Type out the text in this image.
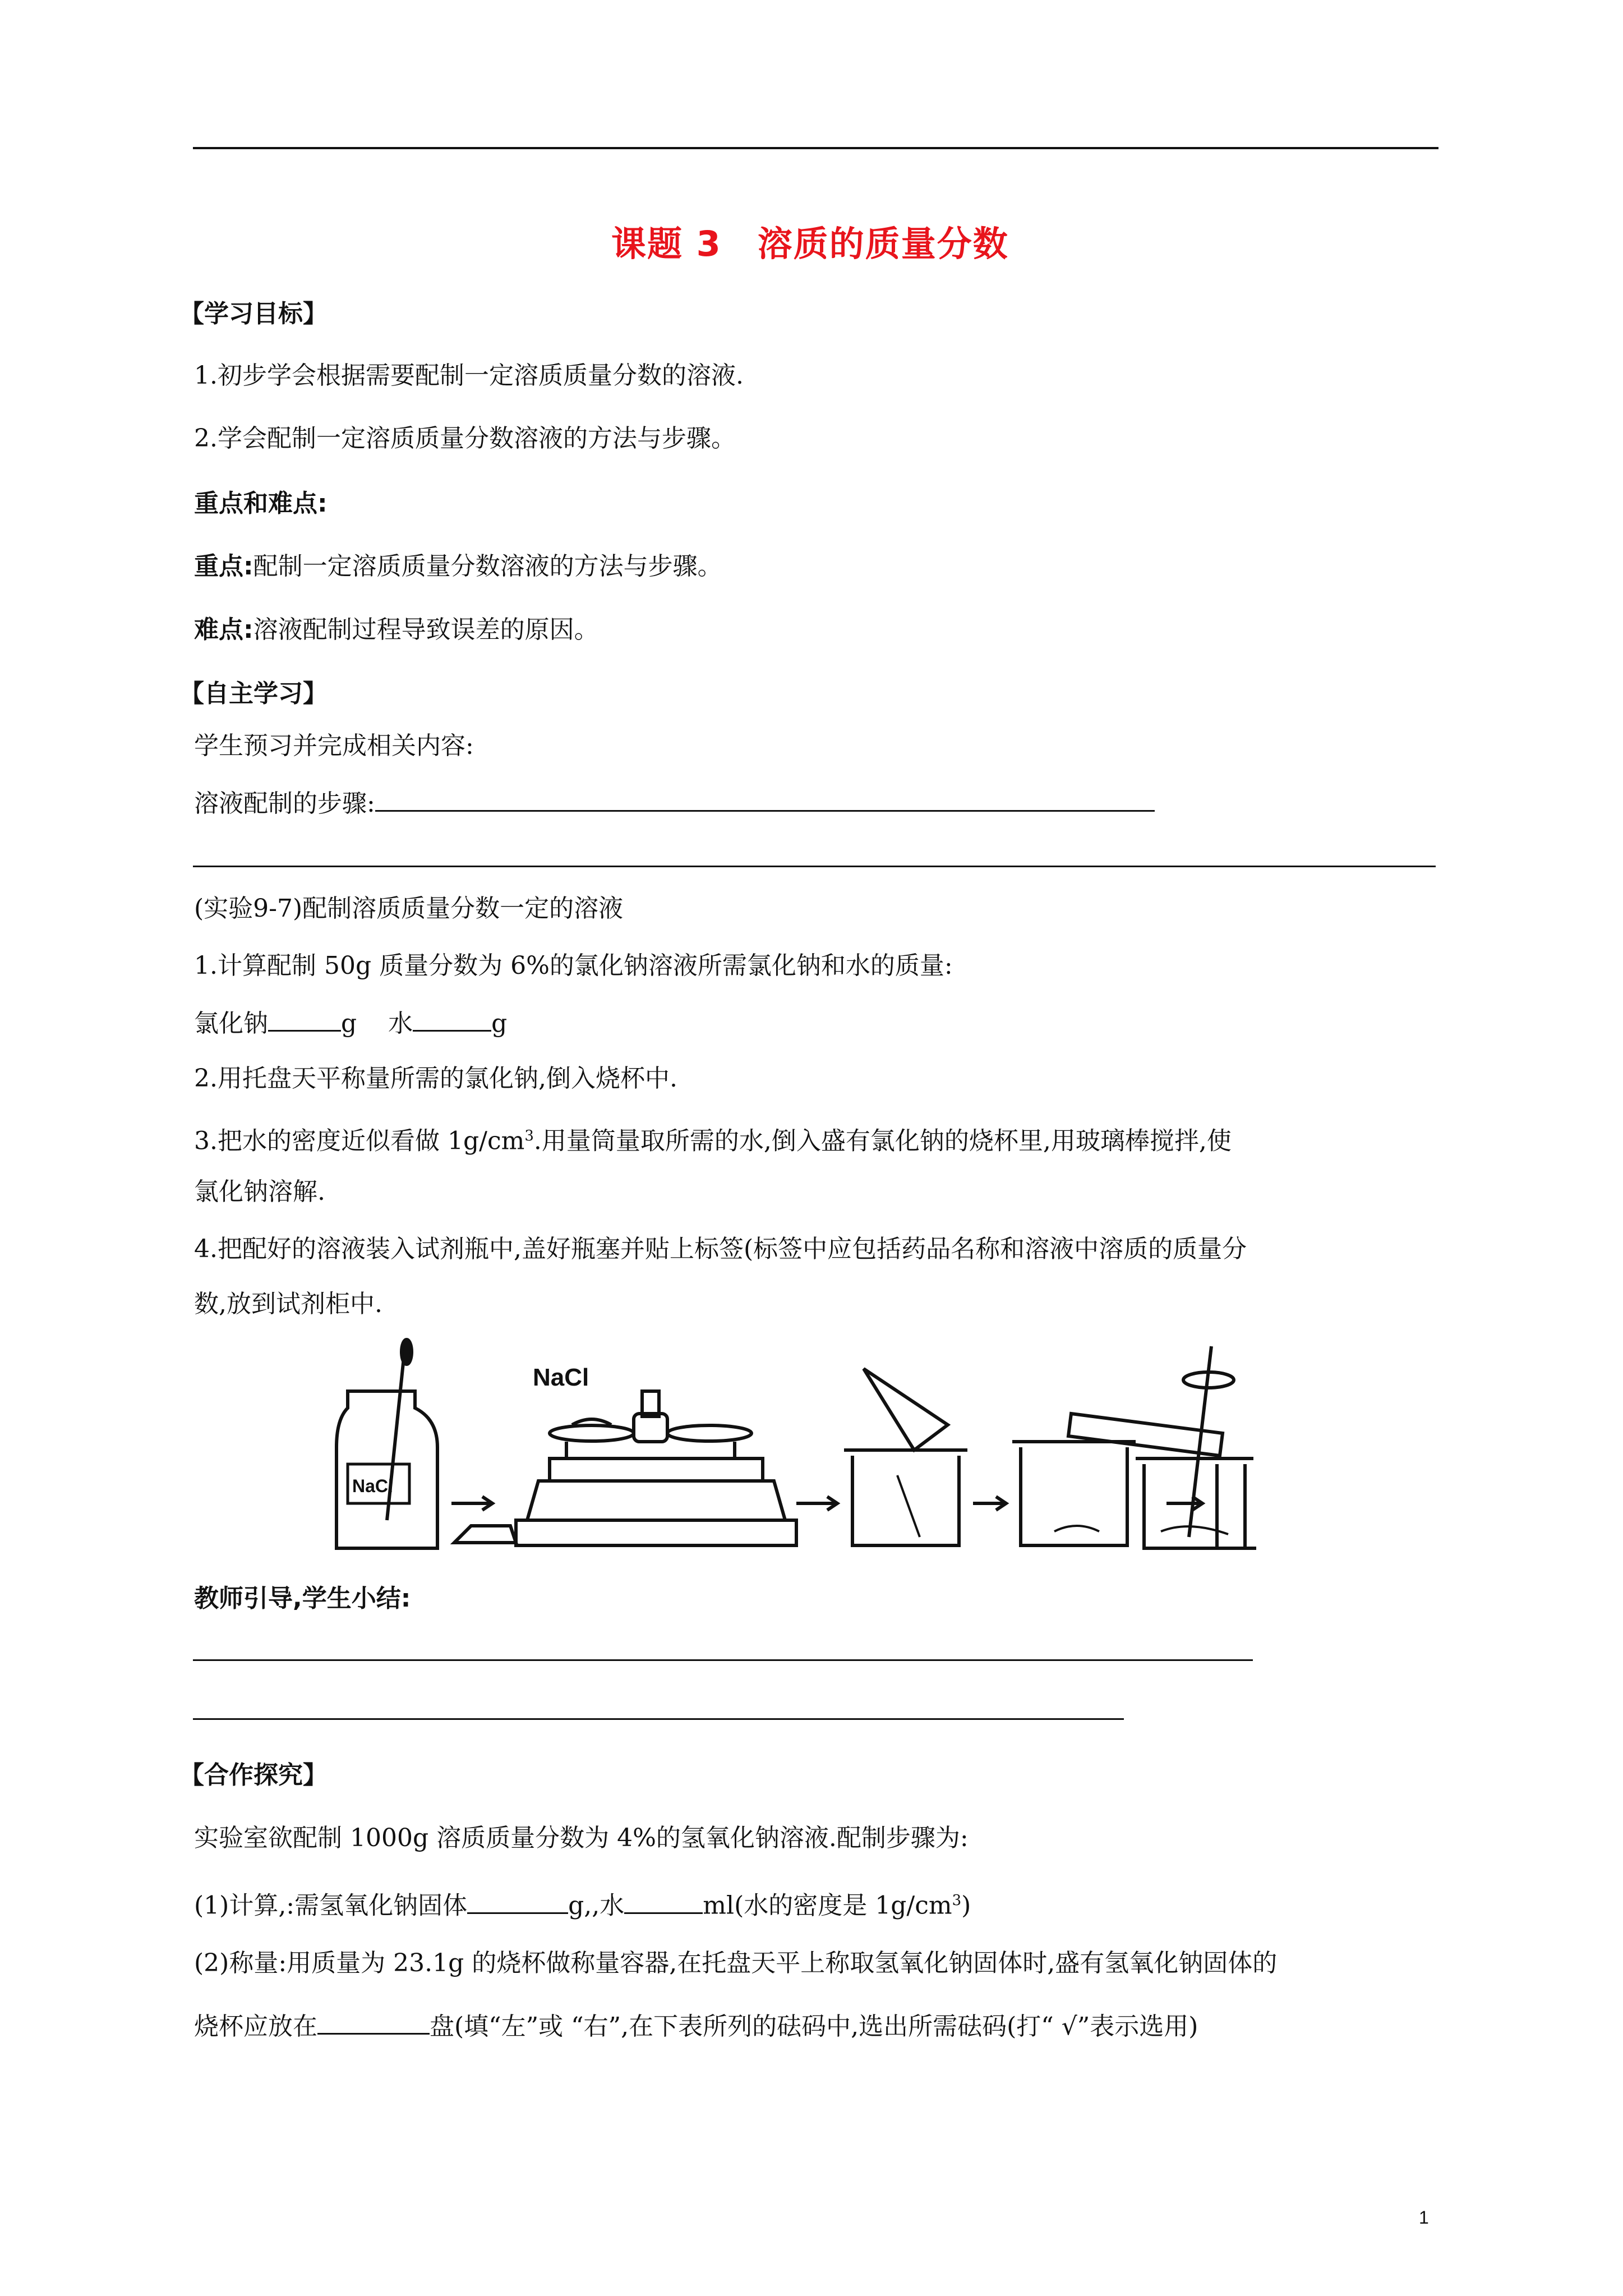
课题 3　溶质的质量分数
【学习目标】
1.初步学会根据需要配制一定溶质质量分数的溶液.
2.学会配制一定溶质质量分数溶液的方法与步骤。
重点和难点:
重点:配制一定溶质质量分数溶液的方法与步骤。
难点:溶液配制过程导致误差的原因。
【自主学习】
学生预习并完成相关内容:
溶液配制的步骤:
(实验9-7)配制溶质质量分数一定的溶液
1.计算配制 50g 质量分数为 6%的氯化钠溶液所需氯化钠和水的质量:
氯化钠	g 水	g
2.用托盘天平称量所需的氯化钠,倒入烧杯中.
3.把水的密度近似看做 $1g/cm^3$.用量筒量取所需的水,倒入盛有氯化钠的烧杯里,用玻璃棒搅拌,使
氯化钠溶解.
4.把配好的溶液装入试剂瓶中,盖好瓶塞并贴上标签(标签中应包括药品名称和溶液中溶质的质量分
数,放到试剂柜中.
NaCl
NaCl
教师引导,学生小结:
【合作探究】
实验室欲配制 1000g 溶质质量分数为 4%的氢氧化钠溶液.配制步骤为:
(1)计算,:需氢氧化钠固体	g,,水	ml(水的密度是 $1g/cm^3$)
(2)称量:用质量为 23.1g 的烧杯做称量容器,在托盘天平上称取氢氧化钠固体时,盛有氢氧化钠固体的
烧杯应放在	盘(填“左”或 “右”,在下表所列的砝码中,选出所需砝码(打“ √”表示选用)
1
